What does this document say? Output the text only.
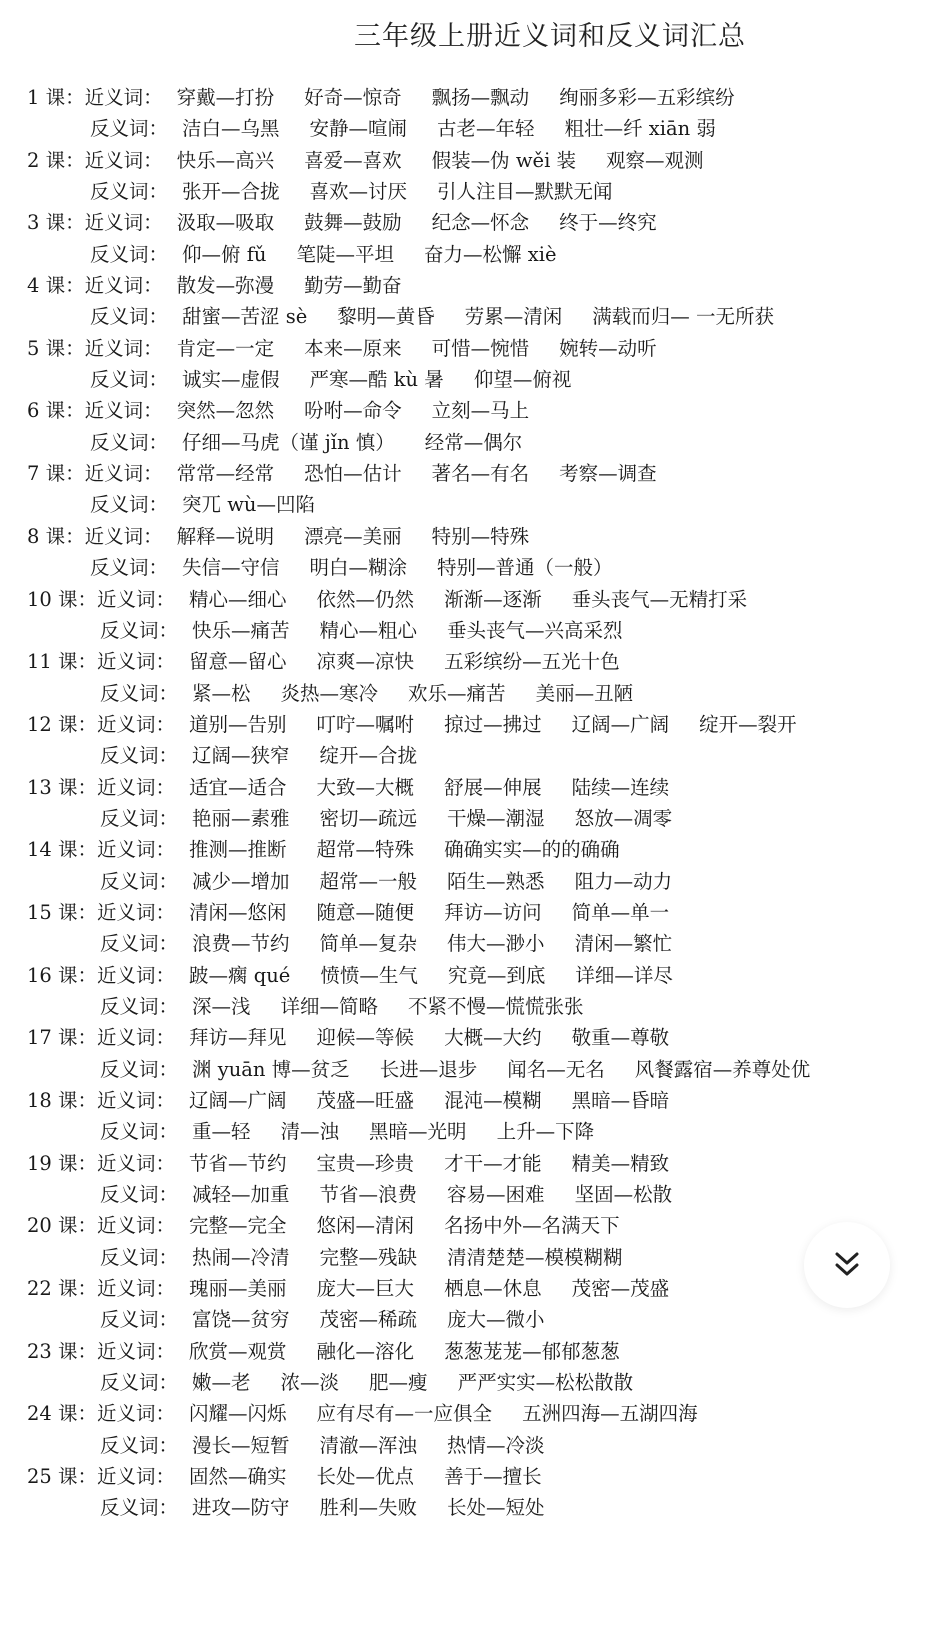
三年级上册近义词和反义词汇总
1 课：近义词： 穿戴—打扮 好奇—惊奇 飘扬—飘动 绚丽多彩—五彩缤纷
反义词： 洁白—乌黑 安静—喧闹 古老—年轻 粗壮—纤 xiān 弱
2 课：近义词： 快乐—高兴 喜爱—喜欢 假装—伪 wěi 装 观察—观测
反义词： 张开—合拢 喜欢—讨厌 引人注目—默默无闻
3 课：近义词： 汲取—吸取 鼓舞—鼓励 纪念—怀念 终于—终究
反义词： 仰—俯 fǔ 笔陡—平坦 奋力—松懈 xiè
4 课：近义词： 散发—弥漫 勤劳—勤奋
反义词： 甜蜜—苦涩 sè 黎明—黄昏 劳累—清闲 满载而归— 一无所获
5 课：近义词： 肯定—一定 本来—原来 可惜—惋惜 婉转—动听
反义词： 诚实—虚假 严寒—酷 kù 暑 仰望—俯视
6 课：近义词： 突然—忽然 吩咐—命令 立刻—马上
反义词： 仔细—马虎（谨 jǐn 慎） 经常—偶尔
7 课：近义词： 常常—经常 恐怕—估计 著名—有名 考察—调查
反义词： 突兀 wù—凹陷
8 课：近义词： 解释—说明 漂亮—美丽 特别—特殊
反义词： 失信—守信 明白—糊涂 特别—普通（一般）
10 课：近义词： 精心—细心 依然—仍然 渐渐—逐渐 垂头丧气—无精打采
反义词： 快乐—痛苦 精心—粗心 垂头丧气—兴高采烈
11 课：近义词： 留意—留心 凉爽—凉快 五彩缤纷—五光十色
反义词： 紧—松 炎热—寒冷 欢乐—痛苦 美丽—丑陋
12 课：近义词： 道别—告别 叮咛—嘱咐 掠过—拂过 辽阔—广阔 绽开—裂开
反义词： 辽阔—狭窄 绽开—合拢
13 课：近义词： 适宜—适合 大致—大概 舒展—伸展 陆续—连续
反义词： 艳丽—素雅 密切—疏远 干燥—潮湿 怒放—凋零
14 课：近义词： 推测—推断 超常—特殊 确确实实—的的确确
反义词： 减少—增加 超常—一般 陌生—熟悉 阻力—动力
15 课：近义词： 清闲—悠闲 随意—随便 拜访—访问 简单—单一
反义词： 浪费—节约 简单—复杂 伟大—渺小 清闲—繁忙
16 课：近义词： 跛—瘸 qué 愤愤—生气 究竟—到底 详细—详尽
反义词： 深—浅 详细—简略 不紧不慢—慌慌张张
17 课：近义词： 拜访—拜见 迎候—等候 大概—大约 敬重—尊敬
反义词： 渊 yuān 博—贫乏 长进—退步 闻名—无名 风餐露宿—养尊处优
18 课：近义词： 辽阔—广阔 茂盛—旺盛 混沌—模糊 黑暗—昏暗
反义词： 重—轻 清—浊 黑暗—光明 上升—下降
19 课：近义词： 节省—节约 宝贵—珍贵 才干—才能 精美—精致
反义词： 减轻—加重 节省—浪费 容易—困难 坚固—松散
20 课：近义词： 完整—完全 悠闲—清闲 名扬中外—名满天下
反义词： 热闹—冷清 完整—残缺 清清楚楚—模模糊糊
22 课：近义词： 瑰丽—美丽 庞大—巨大 栖息—休息 茂密—茂盛
反义词： 富饶—贫穷 茂密—稀疏 庞大—微小
23 课：近义词： 欣赏—观赏 融化—溶化 葱葱茏茏—郁郁葱葱
反义词： 嫩—老 浓—淡 肥—瘦 严严实实—松松散散
24 课：近义词： 闪耀—闪烁 应有尽有—一应俱全 五洲四海—五湖四海
反义词： 漫长—短暂 清澈—浑浊 热情—冷淡
25 课：近义词： 固然—确实 长处—优点 善于—擅长
反义词： 进攻—防守 胜利—失败 长处—短处
